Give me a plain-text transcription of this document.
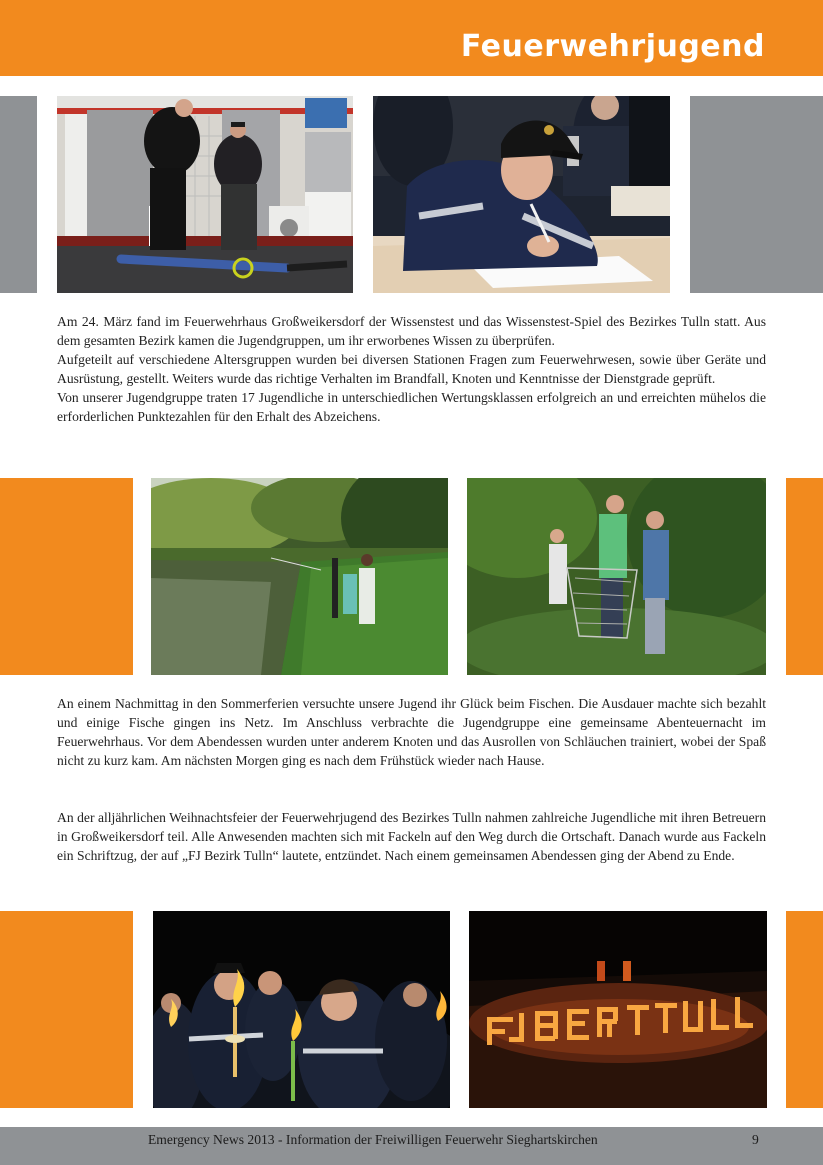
Feuerwehrjugend

Am 24. März fand im Feuerwehrhaus Großweikersdorf der Wissenstest und das Wissenstest-Spiel des Bezirkes Tulln statt. Aus dem gesamten Bezirk kamen die Jugendgruppen, um ihr erworbenes Wissen zu überprüfen.

Aufgeteilt auf verschiedene Altersgruppen wurden bei diversen Stationen Fragen zum Feuerwehrwesen, sowie über Geräte und Ausrüstung, gestellt. Weiters wurde das richtige Verhalten im Brandfall, Knoten und Kenntnisse der Dienstgrade geprüft.

Von unserer Jugendgruppe traten 17 Jugendliche in unterschiedlichen Wertungsklassen erfolgreich an und erreichten mühelos die erforderlichen Punktezahlen für den Erhalt des Abzeichens.

An einem Nachmittag in den Sommerferien versuchte unsere Jugend ihr Glück beim Fischen. Die Ausdauer machte sich bezahlt und einige Fische gingen ins Netz. Im Anschluss verbrachte die Jugendgruppe eine gemeinsame Abenteuernacht im Feuerwehrhaus. Vor dem Abendessen wurden unter anderem Knoten und das Ausrollen von Schläuchen trainiert, wobei der Spaß nicht zu kurz kam. Am nächsten Morgen ging es nach dem Frühstück wieder nach Hause.

An der alljährlichen Weihnachtsfeier der Feuerwehrjugend des Bezirkes Tulln nahmen zahlreiche Jugendliche mit ihren Betreuern in Großweikersdorf teil. Alle Anwesenden machten sich mit Fackeln auf den Weg durch die Ortschaft. Danach wurde aus Fackeln ein Schriftzug, der auf „FJ Bezirk Tulln“ lautete, entzündet. Nach einem gemeinsamen Abendessen ging der Abend zu Ende.

Emergency News 2013 - Information der Freiwilligen Feuerwehr Sieghartskirchen	9
